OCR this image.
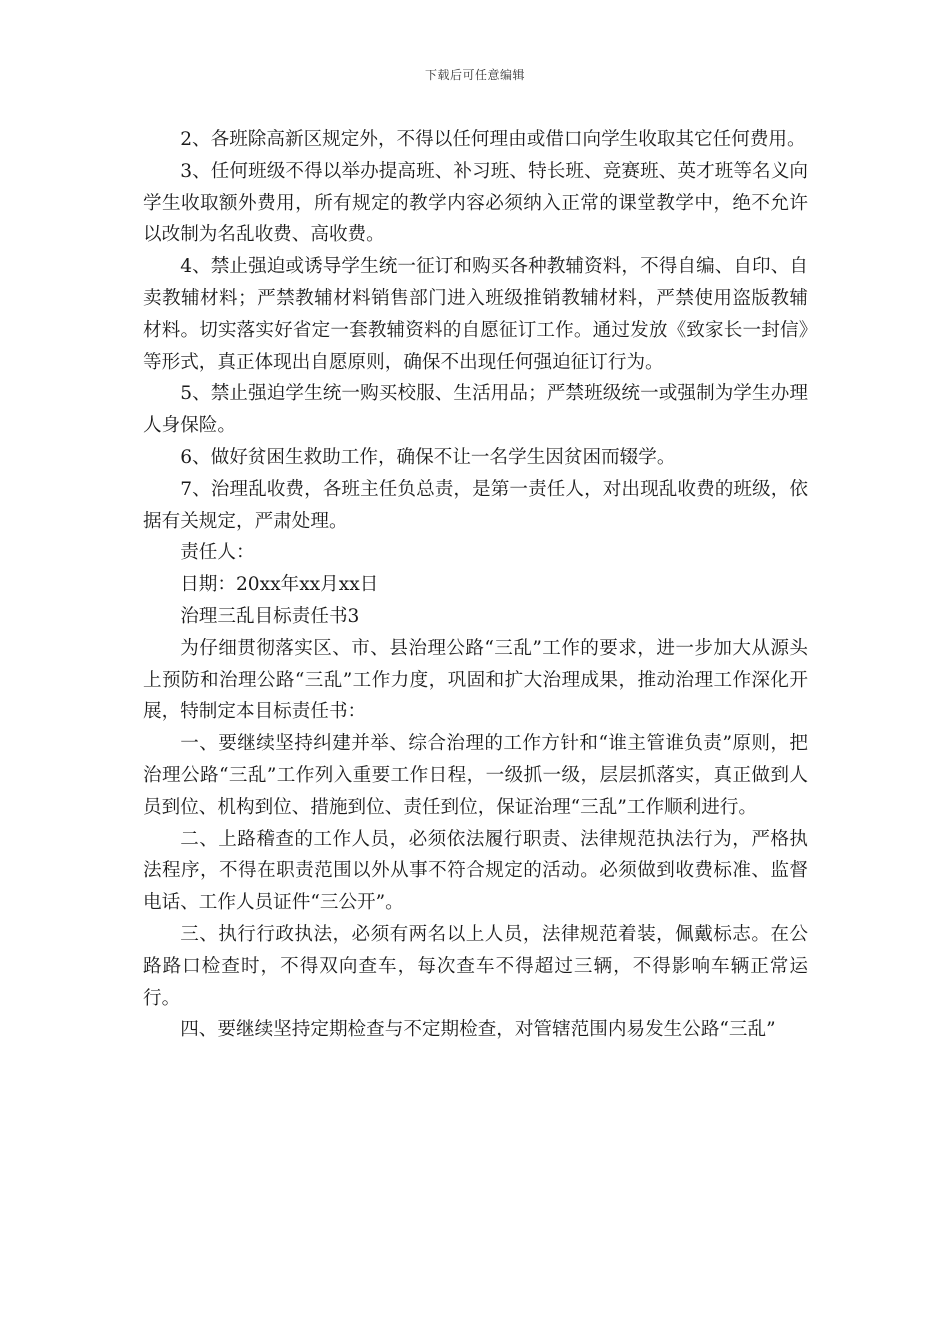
下载后可任意编辑

2、各班除高新区规定外，不得以任何理由或借口向学生收取其它任何费用。

3、任何班级不得以举办提高班、补习班、特长班、竞赛班、英才班等名义向学生收取额外费用，所有规定的教学内容必须纳入正常的课堂教学中，绝不允许以改制为名乱收费、高收费。

4、禁止强迫或诱导学生统一征订和购买各种教辅资料，不得自编、自印、自卖教辅材料；严禁教辅材料销售部门进入班级推销教辅材料，严禁使用盗版教辅材料。切实落实好省定一套教辅资料的自愿征订工作。通过发放《致家长一封信》等形式，真正体现出自愿原则，确保不出现任何强迫征订行为。

5、禁止强迫学生统一购买校服、生活用品；严禁班级统一或强制为学生办理人身保险。

6、做好贫困生救助工作，确保不让一名学生因贫困而辍学。

7、治理乱收费，各班主任负总责，是第一责任人，对出现乱收费的班级，依据有关规定，严肃处理。

责任人：

日期：20xx年xx月xx日

治理三乱目标责任书3

为仔细贯彻落实区、市、县治理公路“三乱”工作的要求，进一步加大从源头上预防和治理公路“三乱”工作力度，巩固和扩大治理成果，推动治理工作深化开展，特制定本目标责任书：

一、要继续坚持纠建并举、综合治理的工作方针和“谁主管谁负责”原则，把治理公路“三乱”工作列入重要工作日程，一级抓一级，层层抓落实，真正做到人员到位、机构到位、措施到位、责任到位，保证治理“三乱”工作顺利进行。

二、上路稽查的工作人员，必须依法履行职责、法律规范执法行为，严格执法程序，不得在职责范围以外从事不符合规定的活动。必须做到收费标准、监督电话、工作人员证件“三公开”。

三、执行行政执法，必须有两名以上人员，法律规范着装，佩戴标志。在公路路口检查时，不得双向查车，每次查车不得超过三辆，不得影响车辆正常运行。

四、要继续坚持定期检查与不定期检查，对管辖范围内易发生公路“三乱”
